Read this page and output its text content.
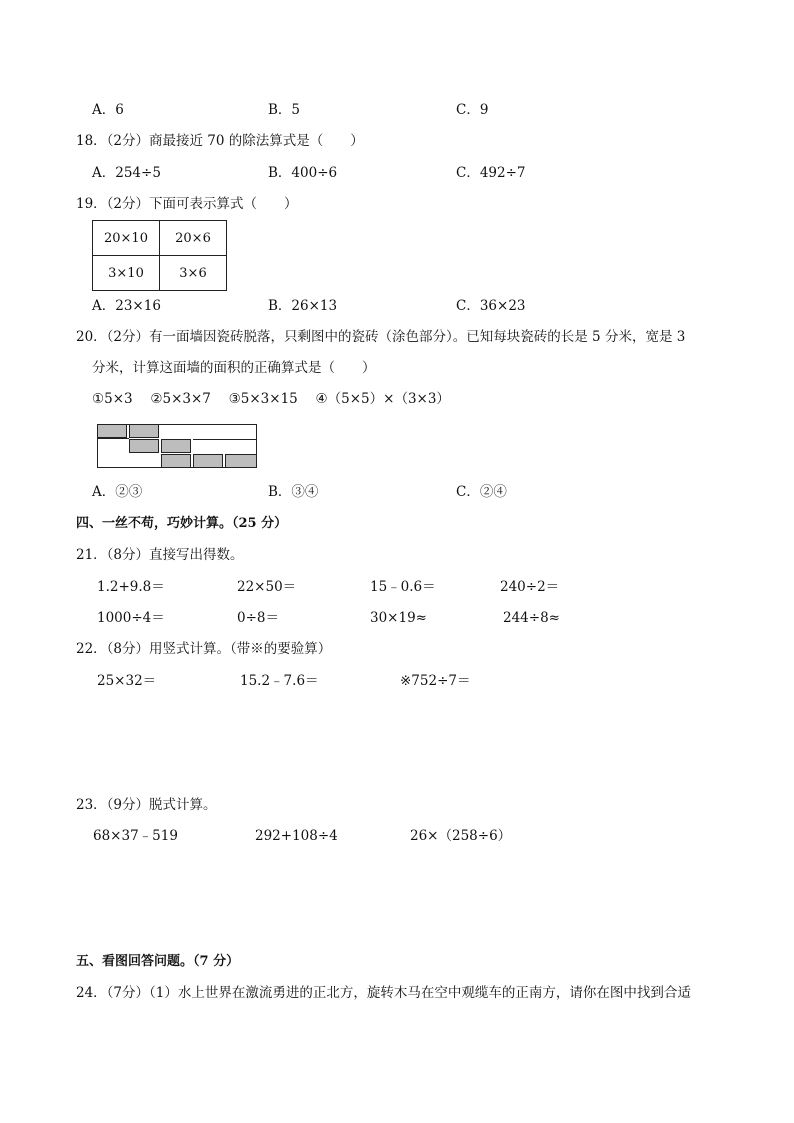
A．6	B．5	C．9
18．（2分）商最接近 70 的除法算式是（　　）
A．254÷5	B．400÷6	C．492÷7
19．（2分）下面可表示算式（　　）
20×10	20×6
3×10	3×6
A．23×16	B．26×13	C．36×23
20．（2分）有一面墙因瓷砖脱落，只剩图中的瓷砖（涂色部分）。已知每块瓷砖的长是 5 分米，宽是 3
分米，计算这面墙的面积的正确算式是（　　）
①5×3　 ②5×3×7　 ③5×3×15　 ④（5×5）×（3×3）
A．②③	B．③④	C．②④
四、一丝不苟，巧妙计算。（25 分）
21．（8分）直接写出得数。
1.2+9.8＝	22×50＝	15﹣0.6＝	240÷2＝
1000÷4＝	0÷8＝	30×19≈	244÷8≈
22．（8分）用竖式计算。（带※的要验算）
25×32＝	15.2﹣7.6＝	※752÷7＝
23．（9分）脱式计算。
68×37﹣519	292+108÷4	26×（258÷6）
五、看图回答问题。（7 分）
24．（7分）（1）水上世界在激流勇进的正北方，旋转木马在空中观缆车的正南方，请你在图中找到合适
